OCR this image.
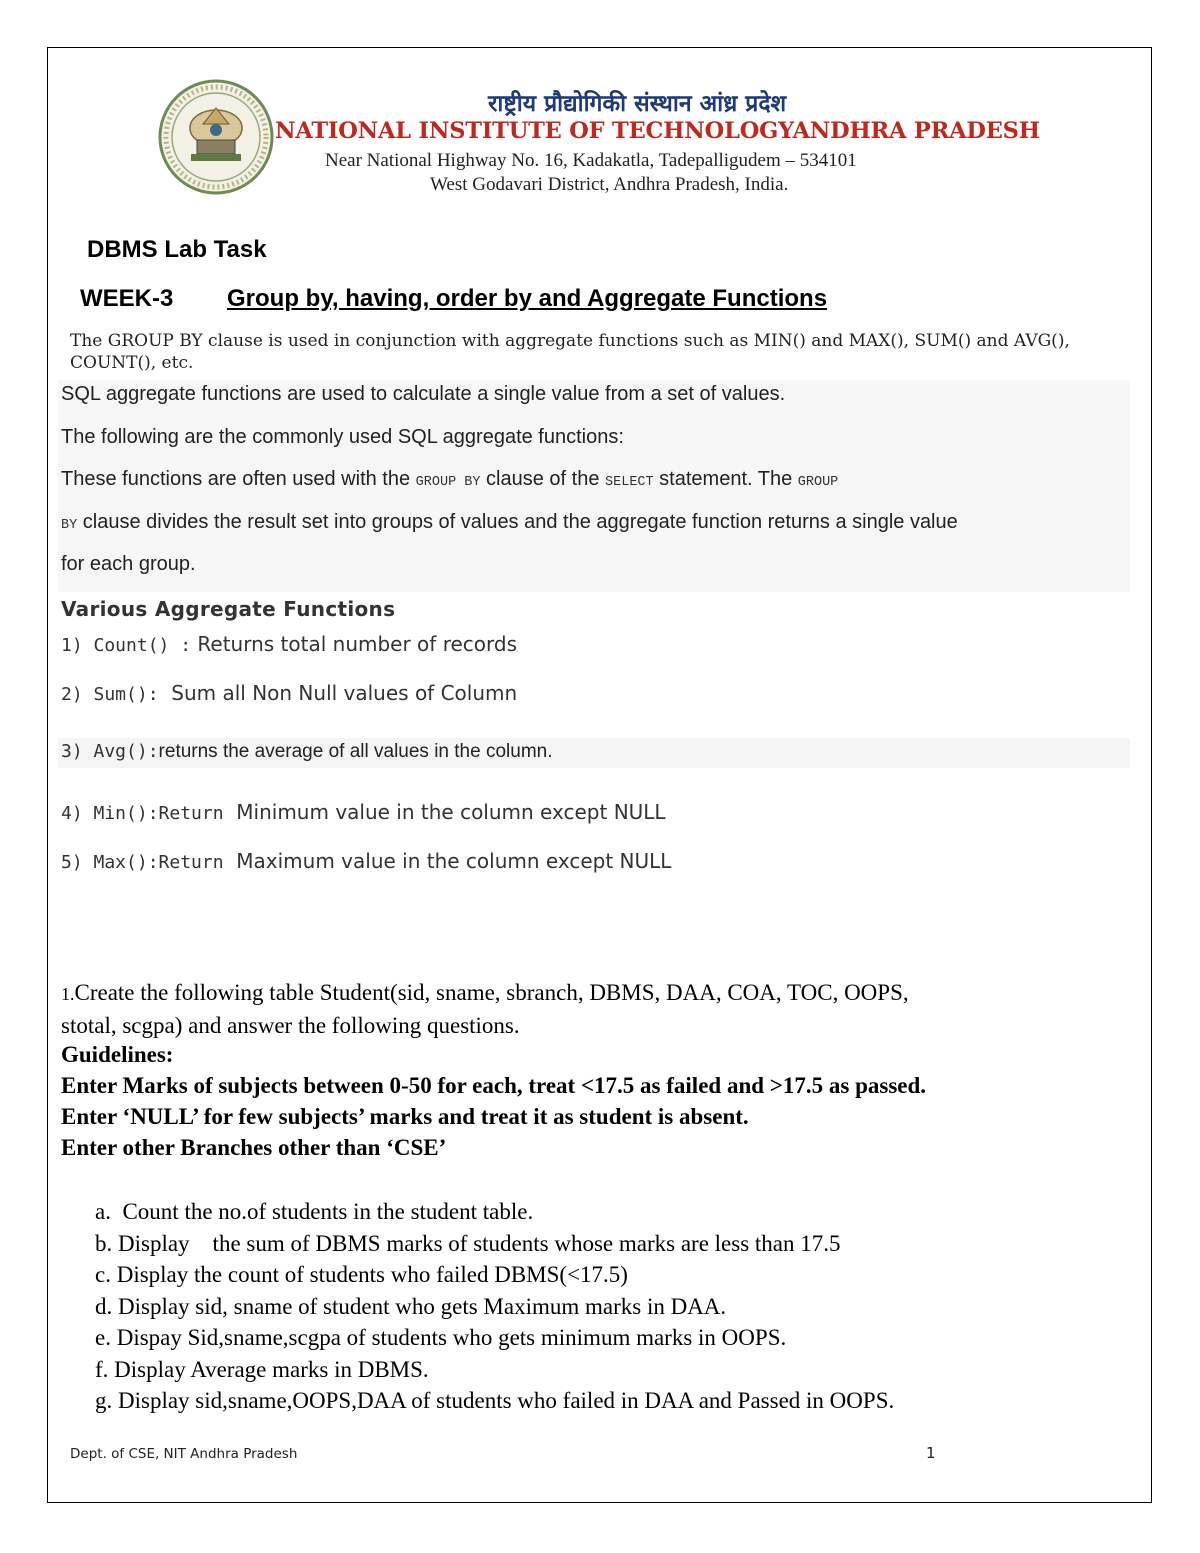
राष्ट्रीय प्रौद्योगिकी संस्थान आंध्र प्रदेश
NATIONAL INSTITUTE OF TECHNOLOGYANDHRA PRADESH
Near National Highway No. 16, Kadakatla, Tadepalligudem – 534101
West Godavari District, Andhra Pradesh, India.
DBMS Lab Task
WEEK-3 Group by, having, order by and Aggregate Functions
The GROUP BY clause is used in conjunction with aggregate functions such as MIN() and MAX(), SUM() and AVG(), COUNT(), etc.
SQL aggregate functions are used to calculate a single value from a set of values.
The following are the commonly used SQL aggregate functions:
These functions are often used with the GROUP BY clause of the SELECT statement. The GROUP
BY clause divides the result set into groups of values and the aggregate function returns a single value
for each group.
Various Aggregate Functions
1) Count() : Returns total number of records
2) Sum():  Sum all Non Null values of Column
3) Avg():returns the average of all values in the column.
4) Min():Return  Minimum value in the column except NULL
5) Max():Return  Maximum value in the column except NULL
1.Create the following table Student(sid, sname, sbranch, DBMS, DAA, COA, TOC, OOPS,
stotal, scgpa) and answer the following questions.
Guidelines:
Enter Marks of subjects between 0-50 for each, treat <17.5 as failed and >17.5 as passed.
Enter ‘NULL’ for few subjects’ marks and treat it as student is absent.
Enter other Branches other than ‘CSE’
a.  Count the no.of students in the student table.
b. Display    the sum of DBMS marks of students whose marks are less than 17.5
c. Display the count of students who failed DBMS(<17.5)
d. Display sid, sname of student who gets Maximum marks in DAA.
e. Dispay Sid,sname,scgpa of students who gets minimum marks in OOPS.
f. Display Average marks in DBMS.
g. Display sid,sname,OOPS,DAA of students who failed in DAA and Passed in OOPS.
Dept. of CSE, NIT Andhra Pradesh	1
